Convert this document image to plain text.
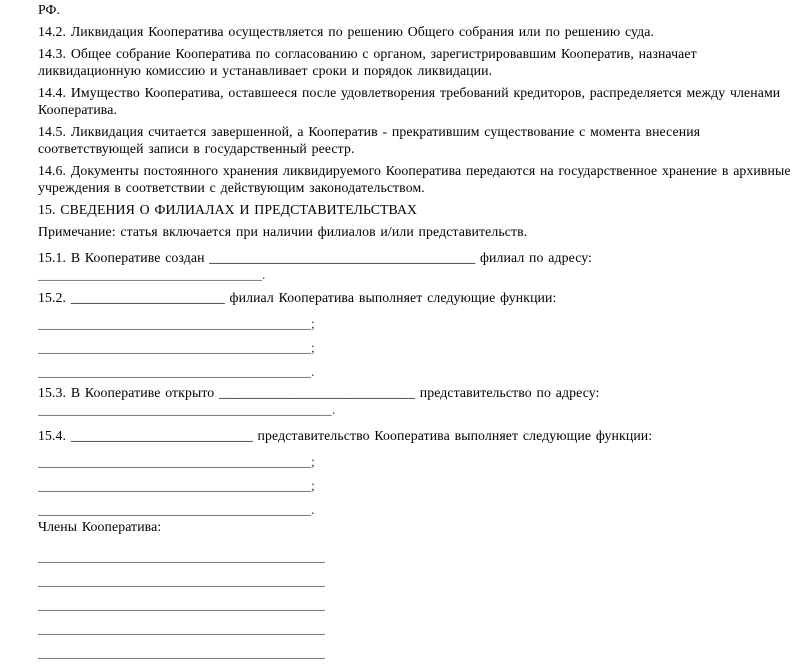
РФ.

14.2. Ликвидация Кооператива осуществляется по решению Общего собрания или по решению суда.

14.3. Общее собрание Кооператива по согласованию с органом, зарегистрировавшим Кооператив, назначает

ликвидационную комиссию и устанавливает сроки и порядок ликвидации.

14.4. Имущество Кооператива, оставшееся после удовлетворения требований кредиторов, распределяется между членами

Кооператива.

14.5. Ликвидация считается завершенной, а Кооператив - прекратившим существование с момента внесения

соответствующей записи в государственный реестр.

14.6. Документы постоянного хранения ликвидируемого Кооператива передаются на государственное хранение в архивные

учреждения в соответствии с действующим законодательством.

15. СВЕДЕНИЯ О ФИЛИАЛАХ И ПРЕДСТАВИТЕЛЬСТВАХ

Примечание: статья включается при наличии филиалов и/или представительств.

15.1. В Кооперативе создан ______________________________________ филиал по адресу:

________________________________.

15.2. ______________________ филиал Кооператива выполняет следующие функции:

_______________________________________;

_______________________________________;

_______________________________________.

15.3. В Кооперативе открыто ____________________________ представительство по адресу:

__________________________________________.

15.4. __________________________ представительство Кооператива выполняет следующие функции:

_______________________________________;

_______________________________________;

_______________________________________.

Члены Кооператива:

_________________________________________

_________________________________________

_________________________________________

_________________________________________

_________________________________________
